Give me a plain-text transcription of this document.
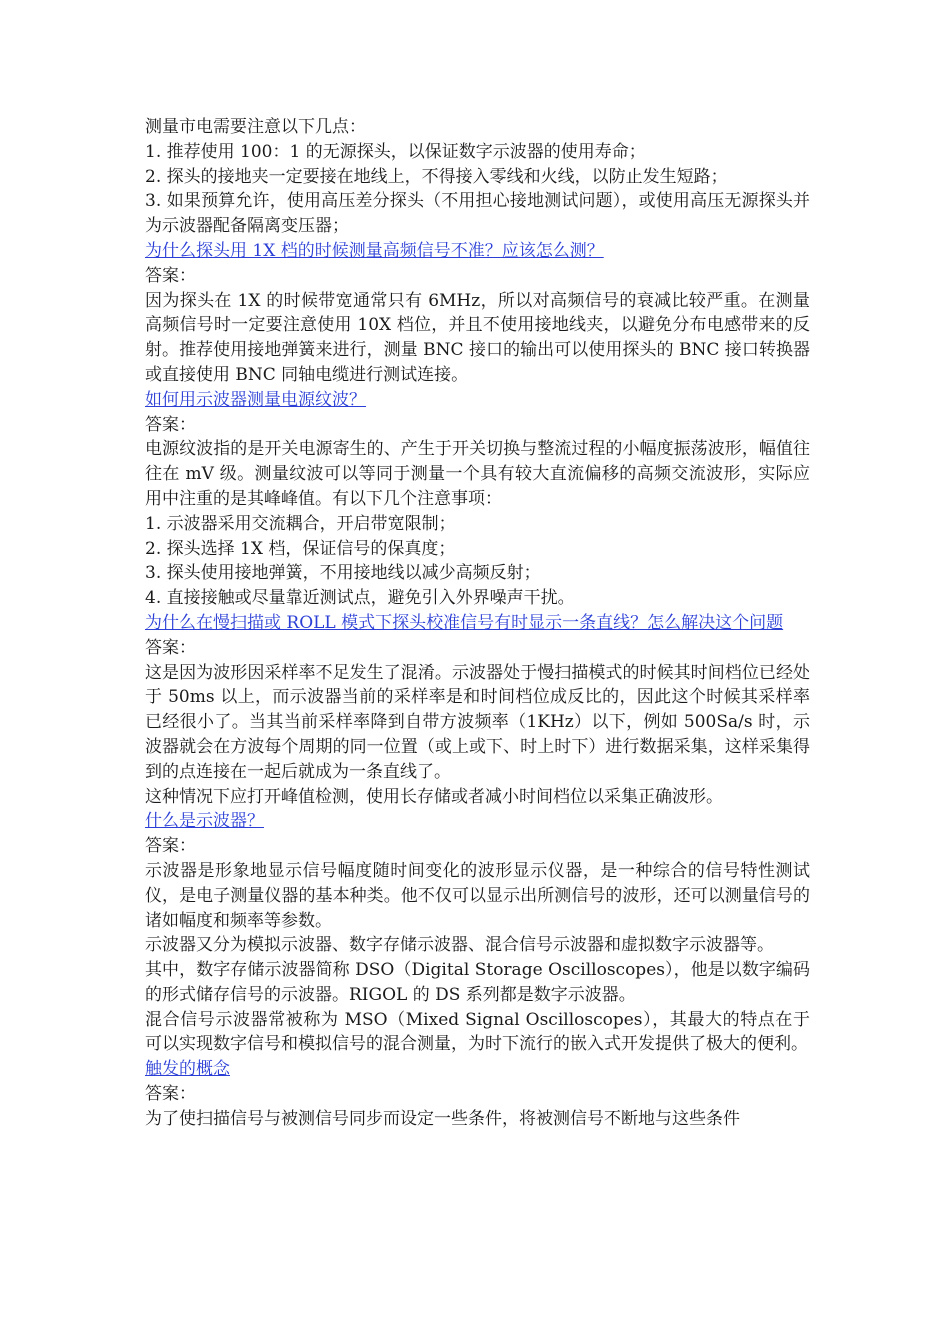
测量市电需要注意以下几点：

1. 推荐使用 100：1 的无源探头，以保证数字示波器的使用寿命；

2. 探头的接地夹一定要接在地线上，不得接入零线和火线，以防止发生短路；

3. 如果预算允许，使用高压差分探头（不用担心接地测试问题），或使用高压无源探头并为示波器配备隔离变压器；

为什么探头用 1X 档的时候测量高频信号不准？应该怎么测？

答案：

因为探头在 1X 的时候带宽通常只有 6MHz，所以对高频信号的衰减比较严重。在测量高频信号时一定要注意使用 10X 档位，并且不使用接地线夹，以避免分布电感带来的反射。推荐使用接地弹簧来进行，测量 BNC 接口的输出可以使用探头的 BNC 接口转换器或直接使用 BNC 同轴电缆进行测试连接。

如何用示波器测量电源纹波？

答案：

电源纹波指的是开关电源寄生的、产生于开关切换与整流过程的小幅度振荡波形，幅值往往在 mV 级。测量纹波可以等同于测量一个具有较大直流偏移的高频交流波形，实际应用中注重的是其峰峰值。有以下几个注意事项：

1. 示波器采用交流耦合，开启带宽限制；

2. 探头选择 1X 档，保证信号的保真度；

3. 探头使用接地弹簧，不用接地线以减少高频反射；

4. 直接接触或尽量靠近测试点，避免引入外界噪声干扰。

为什么在慢扫描或 ROLL 模式下探头校准信号有时显示一条直线？怎么解决这个问题

答案：

这是因为波形因采样率不足发生了混淆。示波器处于慢扫描模式的时候其时间档位已经处于 50ms 以上，而示波器当前的采样率是和时间档位成反比的，因此这个时候其采样率已经很小了。当其当前采样率降到自带方波频率（1KHz）以下，例如 500Sa/s 时，示波器就会在方波每个周期的同一位置（或上或下、时上时下）进行数据采集，这样采集得到的点连接在一起后就成为一条直线了。

这种情况下应打开峰值检测，使用长存储或者减小时间档位以采集正确波形。

什么是示波器？

答案：

示波器是形象地显示信号幅度随时间变化的波形显示仪器，是一种综合的信号特性测试仪，是电子测量仪器的基本种类。他不仅可以显示出所测信号的波形，还可以测量信号的诸如幅度和频率等参数。

示波器又分为模拟示波器、数字存储示波器、混合信号示波器和虚拟数字示波器等。

其中，数字存储示波器简称 DSO（Digital Storage Oscilloscopes），他是以数字编码的形式储存信号的示波器。RIGOL 的 DS 系列都是数字示波器。

混合信号示波器常被称为 MSO（Mixed Signal Oscilloscopes），其最大的特点在于可以实现数字信号和模拟信号的混合测量，为时下流行的嵌入式开发提供了极大的便利。

触发的概念

答案：

为了使扫描信号与被测信号同步而设定一些条件，将被测信号不断地与这些条件
